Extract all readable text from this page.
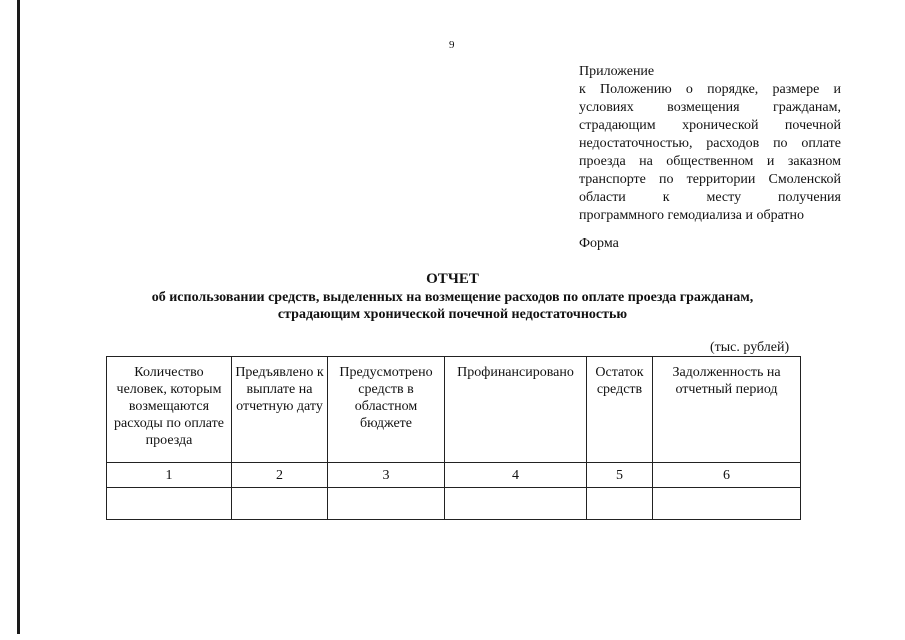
9
Приложение
к Положению о порядке, размере и
условиях возмещения гражданам,
страдающим хронической почечной
недостаточностью, расходов по оплате
проезда на общественном и заказном
транспорте по территории Смоленской
области к месту получения
программного гемодиализа и обратно
Форма
ОТЧЕТ
об использовании средств, выделенных на возмещение расходов по оплате проезда гражданам,
страдающим хронической почечной недостаточностью
(тыс. рублей)
Количество человек, которым возмещаются расходы по оплате проезда	Предъявлено к выплате на отчетную дату	Предусмотрено средств в областном бюджете	Профинансировано	Остаток средств	Задолженность на отчетный период
1	2	3	4	5	6
